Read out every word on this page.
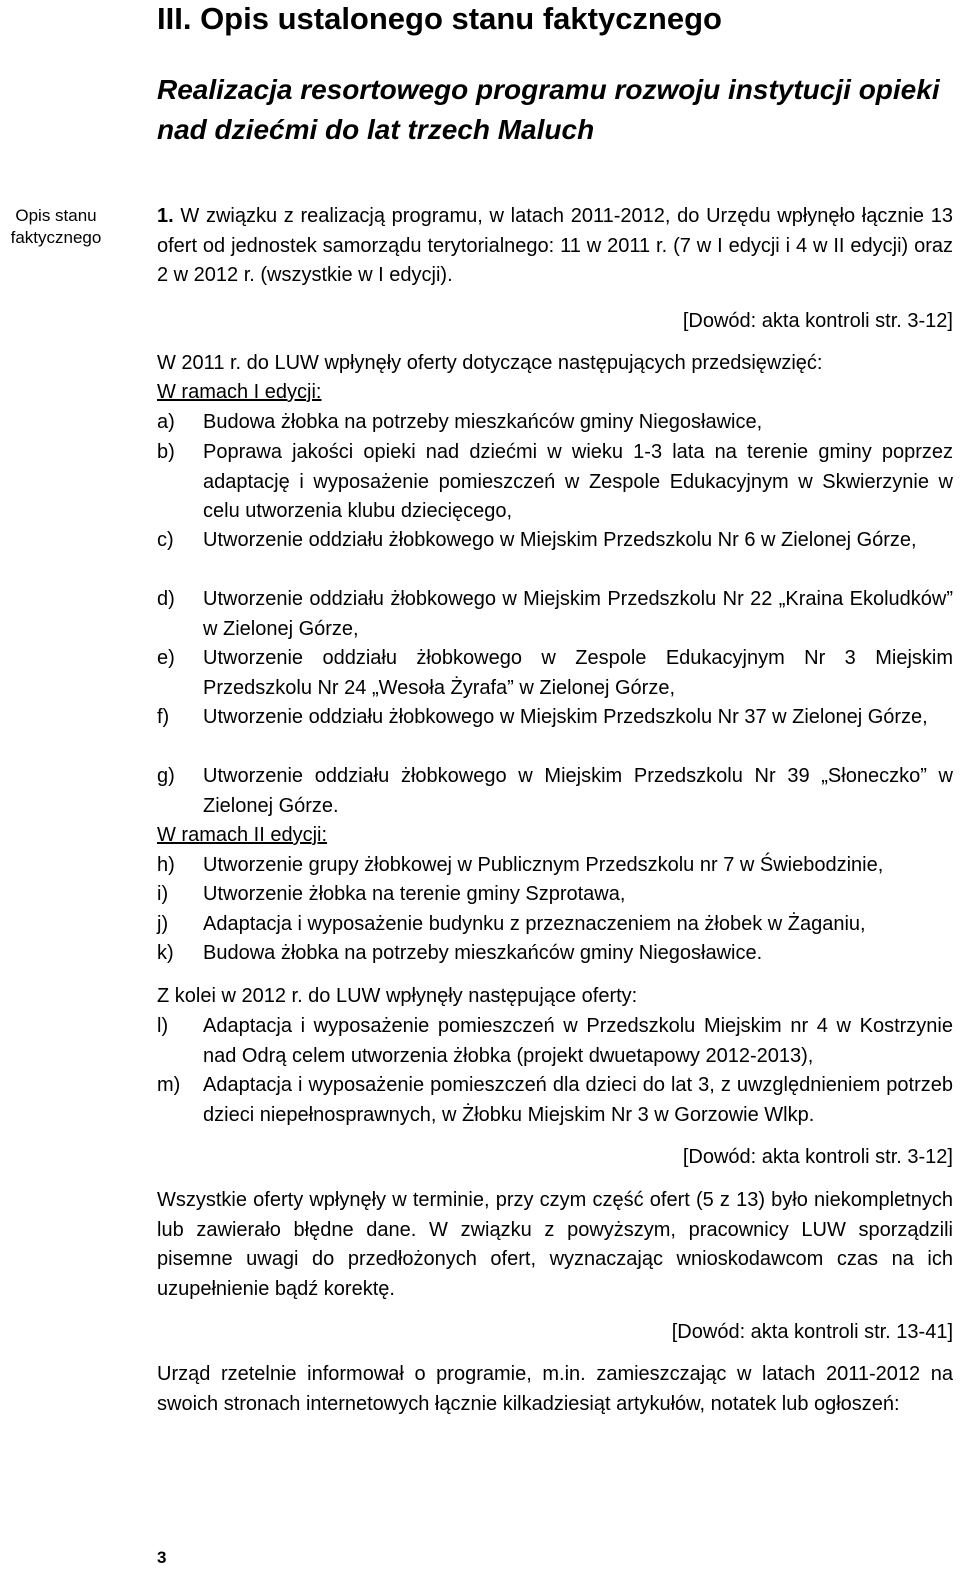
III. Opis ustalonego stanu faktycznego
Realizacja resortowego programu rozwoju instytucji opieki nad dziećmi do lat trzech Maluch
Opis stanu faktycznego
1. W związku z realizacją programu, w latach 2011-2012, do Urzędu wpłynęło łącznie 13 ofert od jednostek samorządu terytorialnego: 11 w 2011 r. (7 w I edycji i 4 w II edycji) oraz 2 w 2012 r. (wszystkie w I edycji).
[Dowód: akta kontroli str. 3-12]
W 2011 r. do LUW wpłynęły oferty dotyczące następujących przedsięwzięć:
W ramach I edycji:
a) Budowa żłobka na potrzeby mieszkańców gminy Niegosławice,
b) Poprawa jakości opieki nad dziećmi w wieku 1-3 lata na terenie gminy poprzez adaptację i wyposażenie pomieszczeń w Zespole Edukacyjnym w Skwierzynie w celu utworzenia klubu dziecięcego,
c) Utworzenie oddziału żłobkowego w Miejskim Przedszkolu Nr 6 w Zielonej Górze,
d) Utworzenie oddziału żłobkowego w Miejskim Przedszkolu Nr 22 „Kraina Ekoludków” w Zielonej Górze,
e) Utworzenie oddziału żłobkowego w Zespole Edukacyjnym Nr 3 Miejskim Przedszkolu Nr 24 „Wesoła Żyrafa” w Zielonej Górze,
f) Utworzenie oddziału żłobkowego w Miejskim Przedszkolu Nr 37 w Zielonej Górze,
g) Utworzenie oddziału żłobkowego w Miejskim Przedszkolu Nr 39 „Słoneczko” w Zielonej Górze.
W ramach II edycji:
h) Utworzenie grupy żłobkowej w Publicznym Przedszkolu nr 7 w Świebodzinie,
i) Utworzenie żłobka na terenie gminy Szprotawa,
j) Adaptacja i wyposażenie budynku z przeznaczeniem na żłobek w Żaganiu,
k) Budowa żłobka na potrzeby mieszkańców gminy Niegosławice.
Z kolei w 2012 r. do LUW wpłynęły następujące oferty:
l) Adaptacja i wyposażenie pomieszczeń w Przedszkolu Miejskim nr 4 w Kostrzynie nad Odrą celem utworzenia żłobka (projekt dwuetapowy 2012-2013),
m) Adaptacja i wyposażenie pomieszczeń dla dzieci do lat 3, z uwzględnieniem potrzeb dzieci niepełnosprawnych, w Żłobku Miejskim Nr 3 w Gorzowie Wlkp.
[Dowód: akta kontroli str. 3-12]
Wszystkie oferty wpłynęły w terminie, przy czym część ofert (5 z 13) było niekompletnych lub zawierało błędne dane. W związku z powyższym, pracownicy LUW sporządzili pisemne uwagi do przedłożonych ofert, wyznaczając wnioskodawcom czas na ich uzupełnienie bądź korektę.
[Dowód: akta kontroli str. 13-41]
Urząd rzetelnie informował o programie, m.in. zamieszczając w latach 2011-2012 na swoich stronach internetowych łącznie kilkadziesiąt artykułów, notatek lub ogłoszeń:
3
